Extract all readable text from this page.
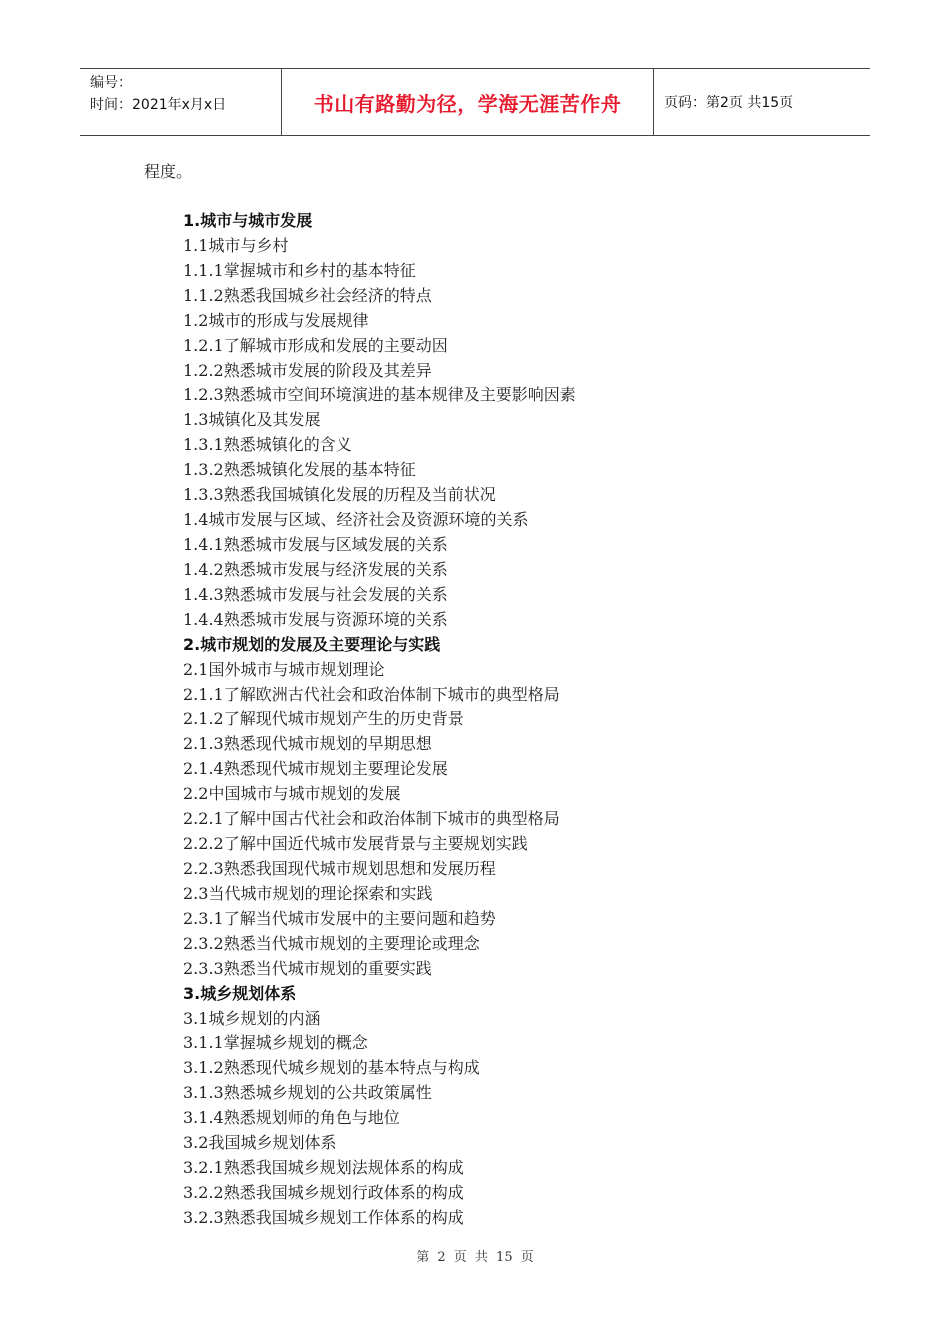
编号：
时间：2021年x月x日	书山有路勤为径，学海无涯苦作舟	页码：第2页 共15页
程度。
1.城市与城市发展
1.1城市与乡村
1.1.1掌握城市和乡村的基本特征
1.1.2熟悉我国城乡社会经济的特点
1.2城市的形成与发展规律
1.2.1了解城市形成和发展的主要动因
1.2.2熟悉城市发展的阶段及其差异
1.2.3熟悉城市空间环境演进的基本规律及主要影响因素
1.3城镇化及其发展
1.3.1熟悉城镇化的含义
1.3.2熟悉城镇化发展的基本特征
1.3.3熟悉我国城镇化发展的历程及当前状况
1.4城市发展与区域、经济社会及资源环境的关系
1.4.1熟悉城市发展与区域发展的关系
1.4.2熟悉城市发展与经济发展的关系
1.4.3熟悉城市发展与社会发展的关系
1.4.4熟悉城市发展与资源环境的关系
2.城市规划的发展及主要理论与实践
2.1国外城市与城市规划理论
2.1.1了解欧洲古代社会和政治体制下城市的典型格局
2.1.2了解现代城市规划产生的历史背景
2.1.3熟悉现代城市规划的早期思想
2.1.4熟悉现代城市规划主要理论发展
2.2中国城市与城市规划的发展
2.2.1了解中国古代社会和政治体制下城市的典型格局
2.2.2了解中国近代城市发展背景与主要规划实践
2.2.3熟悉我国现代城市规划思想和发展历程
2.3当代城市规划的理论探索和实践
2.3.1了解当代城市发展中的主要问题和趋势
2.3.2熟悉当代城市规划的主要理论或理念
2.3.3熟悉当代城市规划的重要实践
3.城乡规划体系
3.1城乡规划的内涵
3.1.1掌握城乡规划的概念
3.1.2熟悉现代城乡规划的基本特点与构成
3.1.3熟悉城乡规划的公共政策属性
3.1.4熟悉规划师的角色与地位
3.2我国城乡规划体系
3.2.1熟悉我国城乡规划法规体系的构成
3.2.2熟悉我国城乡规划行政体系的构成
3.2.3熟悉我国城乡规划工作体系的构成
第 2 页 共 15 页
